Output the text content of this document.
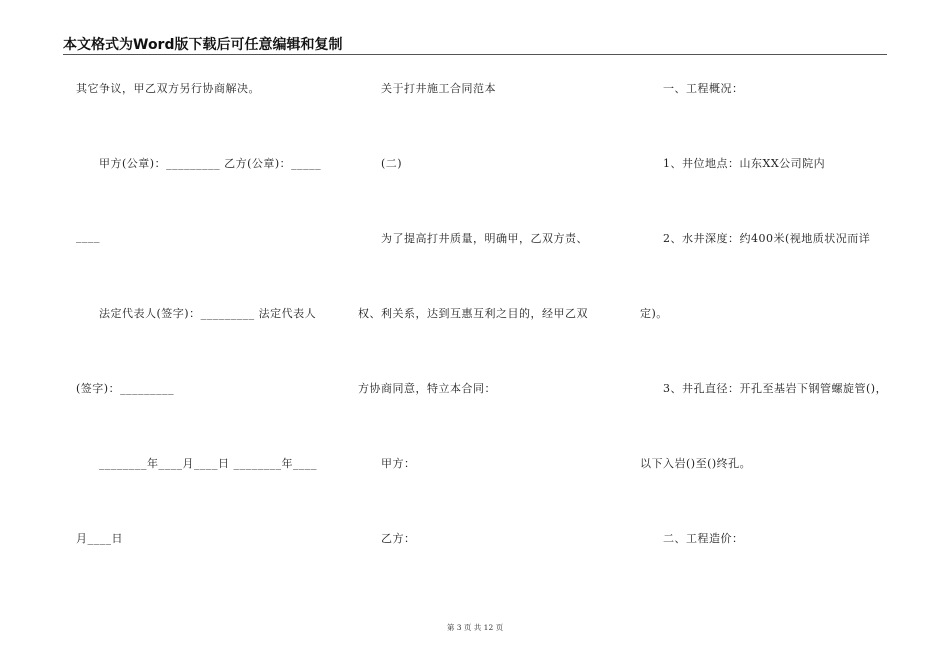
本文格式为Word版下载后可任意编辑和复制
其它争议，甲乙双方另行协商解决。
　　甲方(公章)：_________ 乙方(公章)：_____
____
　　法定代表人(签字)：_________ 法定代表人
(签字)：_________
　　________年____月____日 ________年____
月____日
　　关于打井施工合同范本
　　(二)
　　为了提高打井质量，明确甲，乙双方责、
权、利关系，达到互惠互利之目的，经甲乙双
方协商同意，特立本合同：
　　甲方：
　　乙方：
　　一、工程概况：
　　1、井位地点：山东XX公司院内
　　2、水井深度：约400米(视地质状况而详
定)。
　　3、井孔直径：开孔至基岩下钢管螺旋管()，
以下入岩()至()终孔。
　　二、工程造价：
第 3 页 共 12 页
